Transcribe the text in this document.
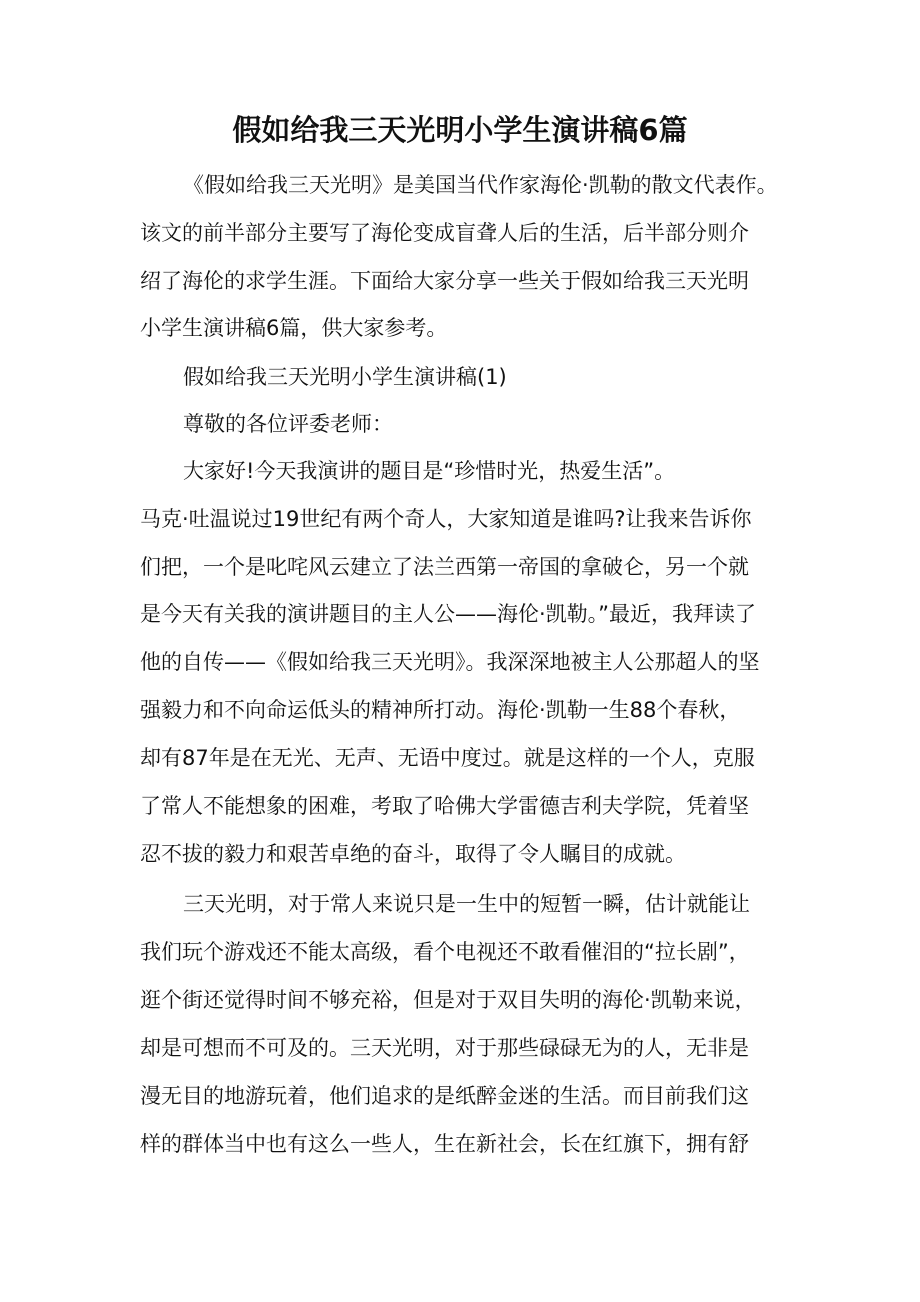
假如给我三天光明小学生演讲稿6篇
《假如给我三天光明》是美国当代作家海伦·凯勒的散文代表作。
该文的前半部分主要写了海伦变成盲聋人后的生活，后半部分则介
绍了海伦的求学生涯。下面给大家分享一些关于假如给我三天光明
小学生演讲稿6篇，供大家参考。
假如给我三天光明小学生演讲稿(1)
尊敬的各位评委老师：
大家好!今天我演讲的题目是“珍惜时光，热爱生活”。
马克·吐温说过19世纪有两个奇人，大家知道是谁吗?让我来告诉你
们把，一个是叱咤风云建立了法兰西第一帝国的拿破仑，另一个就
是今天有关我的演讲题目的主人公——海伦·凯勒。”最近，我拜读了
他的自传——《假如给我三天光明》。我深深地被主人公那超人的坚
强毅力和不向命运低头的精神所打动。海伦·凯勒一生88个春秋，
却有87年是在无光、无声、无语中度过。就是这样的一个人，克服
了常人不能想象的困难，考取了哈佛大学雷德吉利夫学院，凭着坚
忍不拔的毅力和艰苦卓绝的奋斗，取得了令人瞩目的成就。
三天光明，对于常人来说只是一生中的短暂一瞬，估计就能让
我们玩个游戏还不能太高级，看个电视还不敢看催泪的“拉长剧”，
逛个街还觉得时间不够充裕，但是对于双目失明的海伦·凯勒来说，
却是可想而不可及的。三天光明，对于那些碌碌无为的人，无非是
漫无目的地游玩着，他们追求的是纸醉金迷的生活。而目前我们这
样的群体当中也有这么一些人，生在新社会，长在红旗下，拥有舒
